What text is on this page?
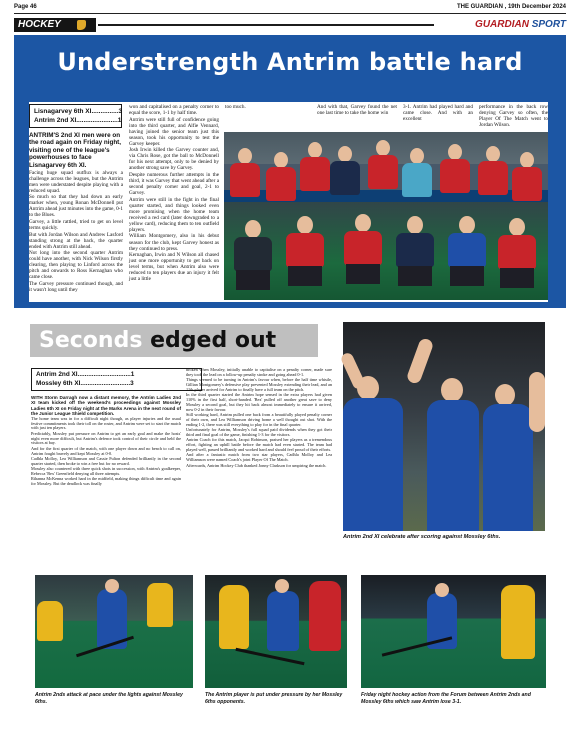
Page 46	THE GUARDIAN , 19th December 2024
HOCKEY	GUARDIAN SPORT
Understrength Antrim battle hard
Lisnagarvey 6th XI...............3
Antrim 2nd XI.......................1

ANTRIM'S 2nd XI men were on the road again on Friday night, visiting one of the league's powerhouses to face Lisnagarvey 6th XI.

Facing huge squad outflux is always a challenge across the leagues, but the Antrim men were understated despite playing with a reduced squad.

So much so that they had down an early marker when, young Ronan McDonnell put Antrim ahead just minutes into the game, 0-1 to the Blues.

Garvey, a little rattled, tried to get on level terms quickly.

But with Jordan Wilson and Andrew Lasford standing strong at the back, the quarter ended with Antrim still ahead.

Not long into the second quarter Antrim could have another, with Nick Wilson firstly clearing, then playing to Linford across the pitch and onwards to Ross Kernaghan who came close.

The Garvey pressure continued though, and it wasn't long until they

won and capitalised on a penalty corner to equal the score, 1-1 by half time.

Antrim were still full of confidence going into the third quarter, and Alfie Vennard, having joined the senior team just this season, took his opportunity to test the Garvey keeper.

Josh Irwin killed the Garvey counter and, via Chris Rose, got the ball to McDonnell for his next attempt, only to be denied by another strong save by Garvey.

Despite numerous further attempts in the third, it was Garvey that went ahead after a second penalty corner and goal, 2-1 to Garvey.

Antrim were still in the fight in the final quarter started, and things looked even more promising when the home team received a red card (later downgraded to a yellow card), reducing them to ten outfield players.

William Montgomery, also in his debut season for the club, kept Garvey honest as they continued to press.

Kernaghan, Irwin and N Wilson all chased just one more opportunity to get back on level terms, but when Antrim also were reduced to ten players due an injury it felt just a little

too much.	And with that, Garvey found the net one last time to take the home win

3-1. Antrim had played hard and came close. And with an excellent

performance in the back row denying Garvey so often, the Player Of The Match went to Jordan Wilson.

Seconds edged out
Antrim 2nd XI..............................1
Mossley 6th XI............................3

WITH Storm Darragh now a distant memory, the Antrim Ladies 2nd XI team kicked off the weekend's proceedings against Mossley Ladies 6th XI on Friday night at the Marks Arena in the next round of the Junior League Shield competition.

The home team was in for a difficult night though, as player injuries and the usual festive commitments took their toll on the roster, and Antrim were set to start the match with just ten players.

Predictably, Mossley put pressure on Antrim to get an early goal and make the hosts' night even more difficult, but Antrim's defence took control of their circle and held the visitors at bay.

And for the first quarter of the match, with one player down and no bench to call on, Antrim fought bravely and kept Mossley at 0-0.

Cadhla Molloy, Lea Williamson and Cassie Fulton defended brilliantly in the second quarter started, then broke to win a free but for no reward.

Mossley also countered with three quick shots in succession, with Antrim's goalkeeper, Rebecca 'Bex' Greenfield denying all three attempts.

Rihanna McKenna worked hard in the midfield, making things difficult time and again for Mossley. But the deadlock was finally

broken when Mossley, initially unable to capitalise on a penalty corner, made sure they took the lead on a follow-up penalty stroke and going ahead 0-1.

Things seemed to be turning in Antrim's favour when, before the half time whistle, Gillian Montgomery's defensive play prevented Mossley extending their lead, and an 11th player arrived for Antrim to finally have a full team on the pitch.

In the third quarter started the Antrim hope sensed in the extra players had given 110% in the first half, short-handed. 'Bex' pulled off another great save to deny Mossley a second goal, but they hit back almost immediately to ensure it arrived, now 0-2 in their favour.

Still working hard, Antrim pulled one back from a beautifully played penalty corner of their own, and Lea Williamson driving home a well thought out shot. With the ending 1-2, there was still everything to play for in the final quarter.

Unfortunately for Antrim, Mossley's full squad paid dividends when they got their third and final goal of the game, finishing 1-3 for the visitors.

Antrim Coach for this match, Jacqui Robinson, praised her players as a tremendous effort, fighting an uphill battle before the match had even started. The team had played well, passed brilliantly and worked hard and should feel proud of their efforts.

And after a fantastic match from two star players, Cadhla Molloy and Lea Williamson were named Coach's joint Player Of The Match.

Afterwards, Antrim Hockey Club thanked Jonny Clarkson for umpiring the match.

Antrim 2nd XI celebrate after scoring against Mossley 6ths.
Antrim 2nds attack at pace under the lights against Mossley 6ths.
The Antrim player is put under pressure by her Mossley 6ths opponents.
Friday night hockey action from the Forum between Antrim 2nds and Mossley 6ths which saw Antrim lose 3-1.
